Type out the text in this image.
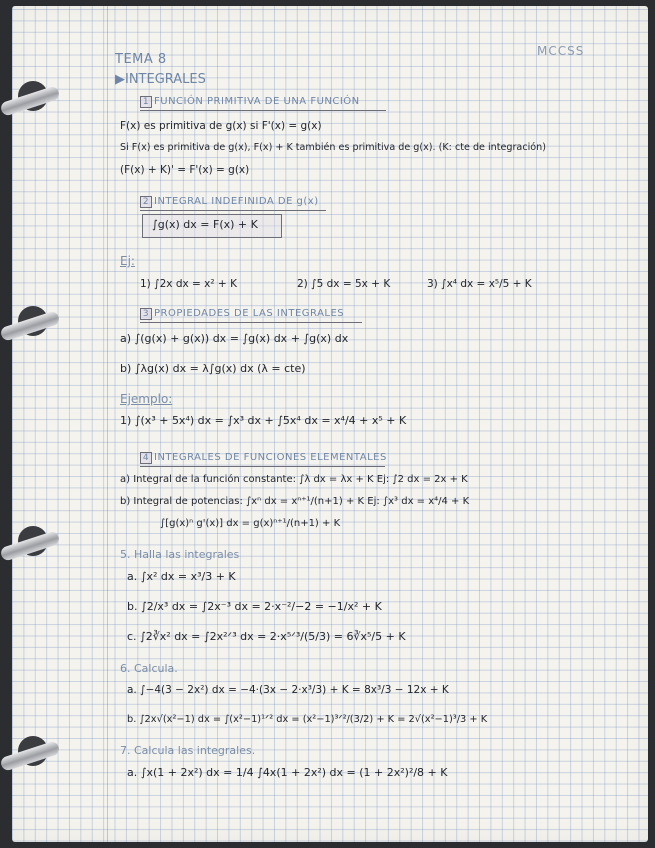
TEMA 8
▶INTEGRALES
MCCSS
1 FUNCIÓN PRIMITIVA DE UNA FUNCIÓN
F(x) es primitiva de g(x) si F'(x) = g(x)
Si F(x) es primitiva de g(x), F(x) + K también es primitiva de g(x). (K: cte de integración)
(F(x) + K)' = F'(x) = g(x)
2 INTEGRAL INDEFINIDA DE g(x)
∫g(x) dx = F(x) + K
Ej:
1) ∫2x dx = x² + K	2) ∫5 dx = 5x + K	3) ∫x⁴ dx = x⁵/5 + K
3 PROPIEDADES DE LAS INTEGRALES
a) ∫(g(x) + g(x)) dx = ∫g(x) dx + ∫g(x) dx
b) ∫λg(x) dx = λ∫g(x) dx (λ = cte)
Ejemplo:
1) ∫(x³ + 5x⁴) dx = ∫x³ dx + ∫5x⁴ dx = x⁴/4 + x⁵ + K
4 INTEGRALES DE FUNCIONES ELEMENTALES
a) Integral de la función constante: ∫λ dx = λx + K Ej: ∫2 dx = 2x + K
b) Integral de potencias: ∫xⁿ dx = xⁿ⁺¹/(n+1) + K Ej: ∫x³ dx = x⁴/4 + K
∫[g(x)ⁿ g'(x)] dx = g(x)ⁿ⁺¹/(n+1) + K
5. Halla las integrales
a. ∫x² dx = x³/3 + K
b. ∫2/x³ dx = ∫2x⁻³ dx = 2·x⁻²/−2 = −1/x² + K
c. ∫2∛x² dx = ∫2x²ᐟ³ dx = 2·x⁵ᐟ³/(5/3) = 6∛x⁵/5 + K
6. Calcula.
a. ∫−4(3 − 2x²) dx = −4·(3x − 2·x³/3) + K = 8x³/3 − 12x + K
b. ∫2x√(x²−1) dx = ∫(x²−1)¹ᐟ² dx = (x²−1)³ᐟ²/(3/2) + K = 2√(x²−1)³/3 + K
7. Calcula las integrales.
a. ∫x(1 + 2x²) dx = 1/4 ∫4x(1 + 2x²) dx = (1 + 2x²)²/8 + K
